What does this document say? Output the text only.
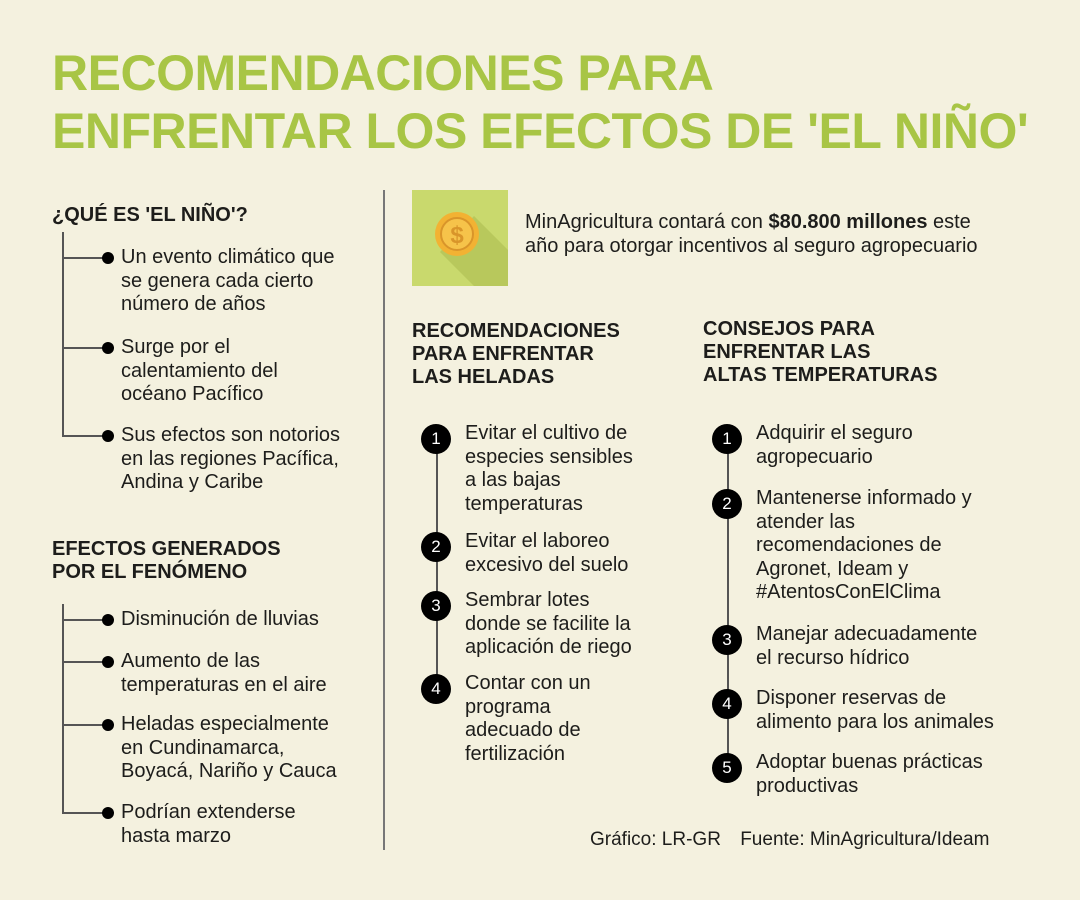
RECOMENDACIONES PARA
ENFRENTAR LOS EFECTOS DE 'EL NIÑO'
¿QUÉ ES 'EL NIÑO'?
Un evento climático que
se genera cada cierto
número de años
Surge por el
calentamiento del
océano Pacífico
Sus efectos son notorios
en las regiones Pacífica,
Andina y Caribe
EFECTOS GENERADOS
POR EL FENÓMENO
Disminución de lluvias
Aumento de las
temperaturas en el aire
Heladas especialmente
en Cundinamarca,
Boyacá, Nariño y Cauca
Podrían extenderse
hasta marzo
$	MinAgricultura contará con $80.800 millones este
año para otorgar incentivos al seguro agropecuario
RECOMENDACIONES
PARA ENFRENTAR
LAS HELADAS
1	Evitar el cultivo de
especies sensibles
a las bajas
temperaturas
2	Evitar el laboreo
excesivo del suelo
3	Sembrar lotes
donde se facilite la
aplicación de riego
4	Contar con un
programa
adecuado de
fertilización
CONSEJOS PARA
ENFRENTAR LAS
ALTAS TEMPERATURAS
1	Adquirir el seguro
agropecuario
2	Mantenerse informado y
atender las
recomendaciones de
Agronet, Ideam y
#AtentosConElClima
3	Manejar adecuadamente
el recurso hídrico
4	Disponer reservas de
alimento para los animales
5	Adoptar buenas prácticas
productivas
Gráfico: LR-GR Fuente: MinAgricultura/Ideam
